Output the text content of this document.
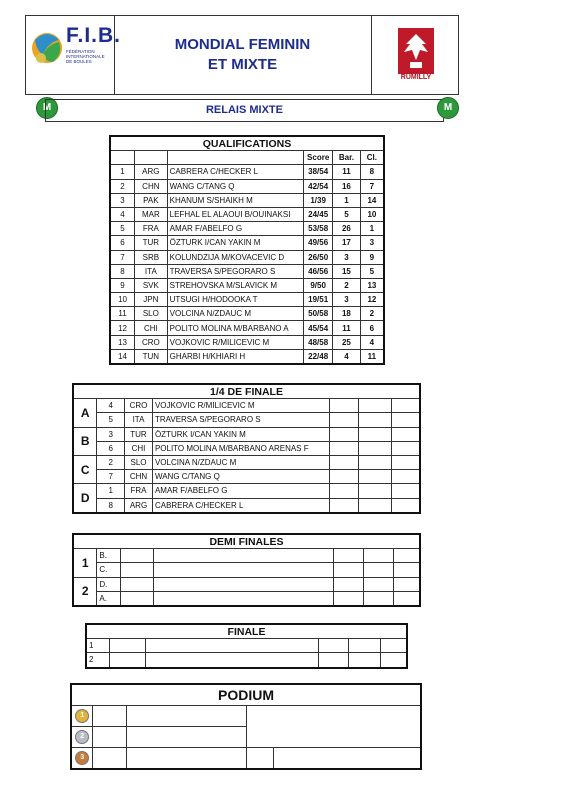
F.I.B.
FÉDÉRATION INTERNATIONALE DE BOULES
MONDIAL FEMININ
ET MIXTE	VILLE DE
RUMILLY
M	RELAIS MIXTE	M
QUALIFICATIONS					
			Score	Bar.	Cl.
1	ARG	CABRERA C/HECKER L	38/54	11	8
2	CHN	WANG C/TANG Q	42/54	16	7
3	PAK	KHANUM S/SHAIKH M	1/39	1	14
4	MAR	LEFHAL EL ALAOUI B/OUINAKSI	24/45	5	10
5	FRA	AMAR F/ABELFO G	53/58	26	1
6	TUR	ÖZTURK I/CAN YAKIN M	49/56	17	3
7	SRB	KOLUNDZIJA M/KOVACEVIC D	26/50	3	9
8	ITA	TRAVERSA S/PEGORARO S	46/56	15	5
9	SVK	STREHOVSKA M/SLAVICK M	9/50	2	13
10	JPN	UTSUGI H/HODOOKA T	19/51	3	12
11	SLO	VOLCINA N/ZDAUC M	50/58	18	2
12	CHI	POLITO MOLINA M/BARBANO A	45/54	11	6
13	CRO	VOJKOVIC R/MILICEVIC M	48/58	25	4
14	TUN	GHARBI H/KHIARI H	22/48	4	11
1/4 DE FINALE						
A	4	CRO	VOJKOVIC R/MILICEVIC M			
	5	ITA	TRAVERSA S/PEGORARO S			
B	3	TUR	ÖZTURK I/CAN YAKIN M			
	6	CHI	POLITO MOLINA M/BARBANO ARENAS F			
C	2	SLO	VOLCINA N/ZDAUC M			
	7	CHN	WANG C/TANG Q			
D	1	FRA	AMAR F/ABELFO G			
	8	ARG	CABRERA C/HECKER L			
DEMI FINALES						
1	B.					
	C.					
2	D.					
	A.					
FINALE					
1					
2					
PODIUM				

1				

2				

3				
